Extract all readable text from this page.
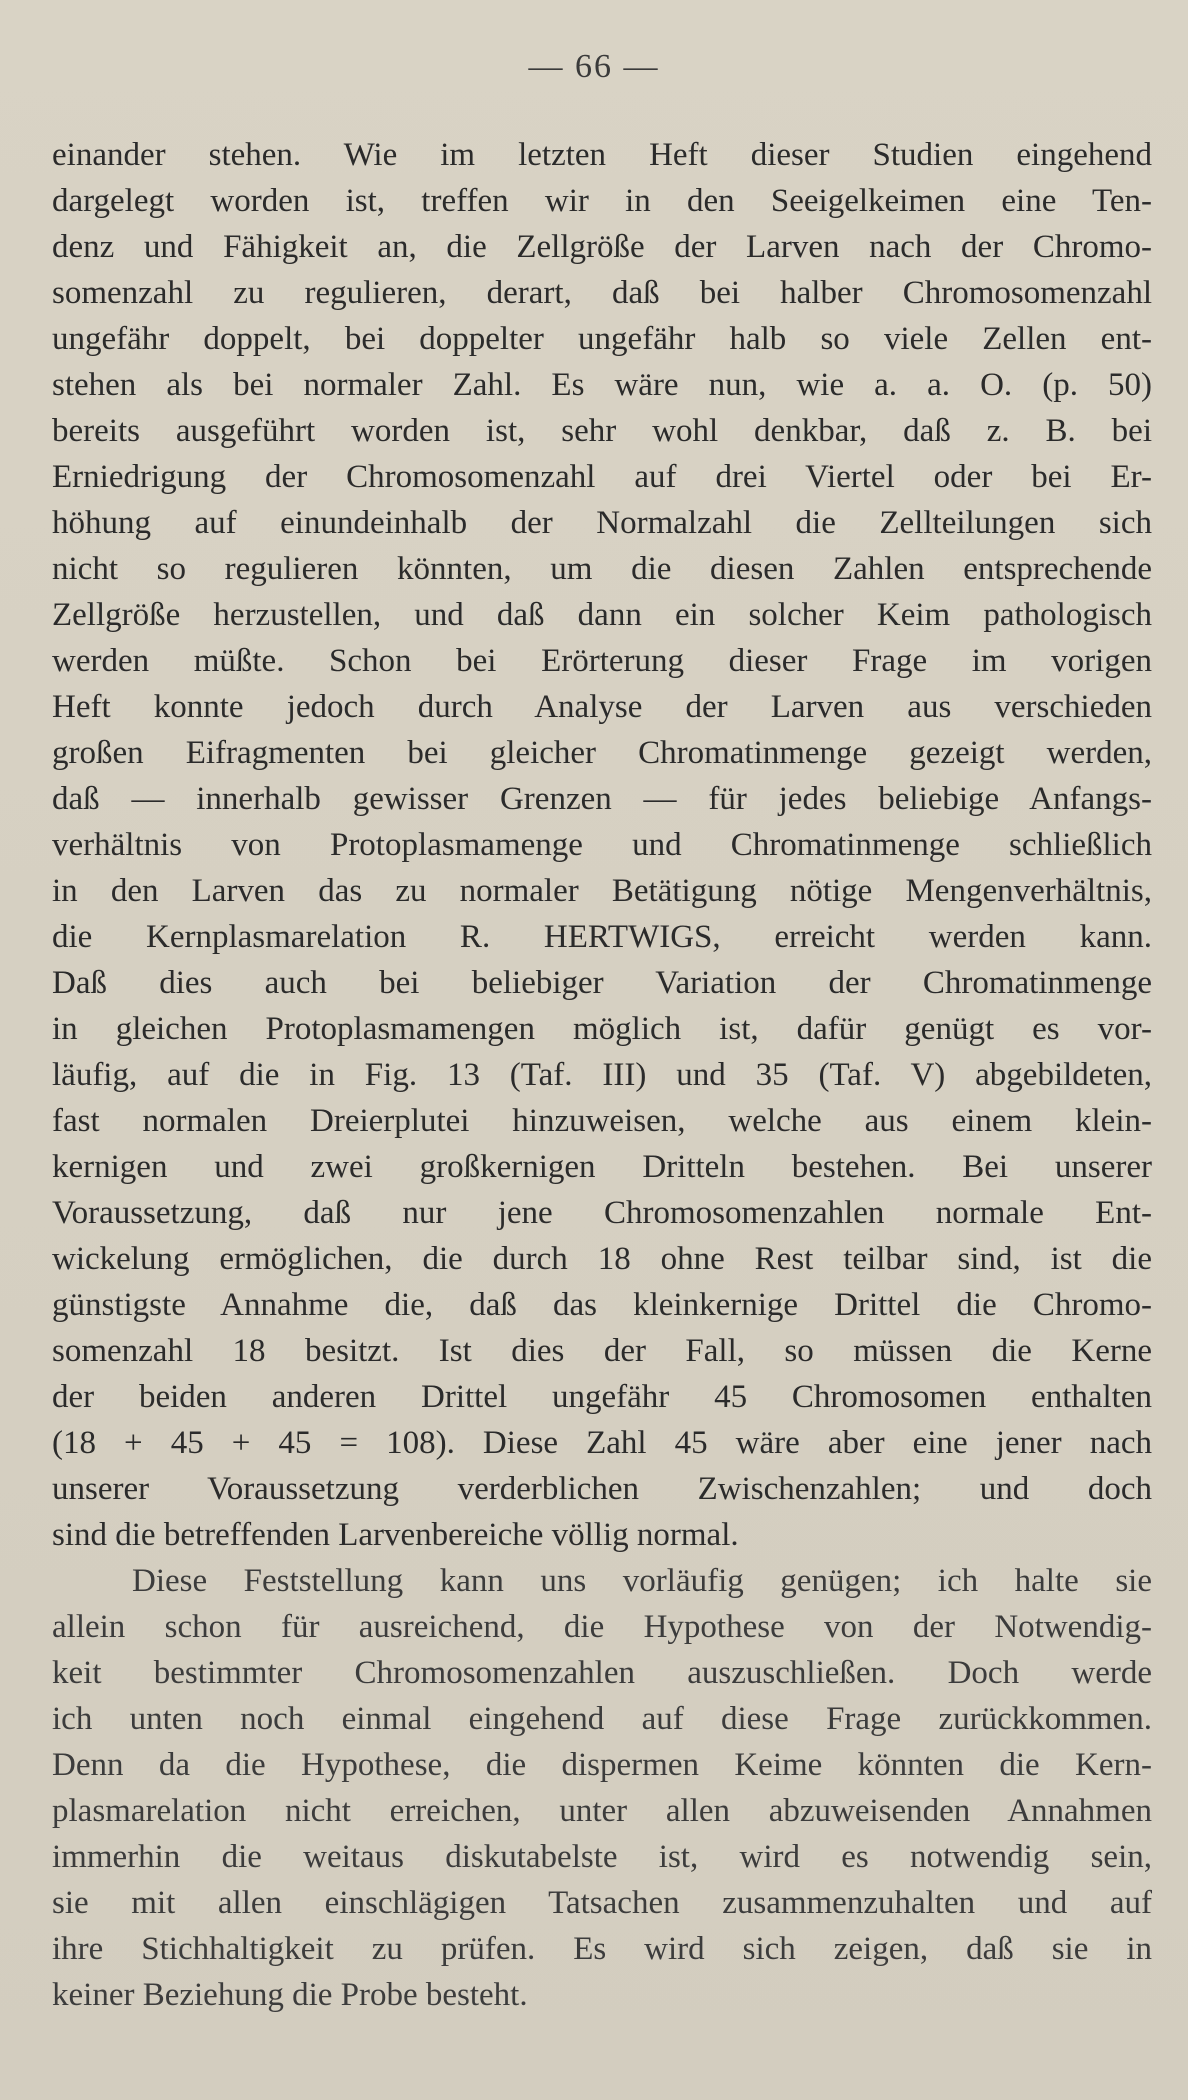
— 66 —
einander stehen. Wie im letzten Heft dieser Studien eingehend
dargelegt worden ist, treffen wir in den Seeigelkeimen eine Ten-
denz und Fähigkeit an, die Zellgröße der Larven nach der Chromo-
somenzahl zu regulieren, derart, daß bei halber Chromosomenzahl
ungefähr doppelt, bei doppelter ungefähr halb so viele Zellen ent-
stehen als bei normaler Zahl. Es wäre nun, wie a. a. O. (p. 50)
bereits ausgeführt worden ist, sehr wohl denkbar, daß z. B. bei
Erniedrigung der Chromosomenzahl auf drei Viertel oder bei Er-
höhung auf einundeinhalb der Normalzahl die Zellteilungen sich
nicht so regulieren könnten, um die diesen Zahlen entsprechende
Zellgröße herzustellen, und daß dann ein solcher Keim pathologisch
werden müßte. Schon bei Erörterung dieser Frage im vorigen
Heft konnte jedoch durch Analyse der Larven aus verschieden
großen Eifragmenten bei gleicher Chromatinmenge gezeigt werden,
daß — innerhalb gewisser Grenzen — für jedes beliebige Anfangs-
verhältnis von Protoplasmamenge und Chromatinmenge schließlich
in den Larven das zu normaler Betätigung nötige Mengenverhältnis,
die Kernplasmarelation R. HERTWIGS, erreicht werden kann.
Daß dies auch bei beliebiger Variation der Chromatinmenge
in gleichen Protoplasmamengen möglich ist, dafür genügt es vor-
läufig, auf die in Fig. 13 (Taf. III) und 35 (Taf. V) abgebildeten,
fast normalen Dreierplutei hinzuweisen, welche aus einem klein-
kernigen und zwei großkernigen Dritteln bestehen. Bei unserer
Voraussetzung, daß nur jene Chromosomenzahlen normale Ent-
wickelung ermöglichen, die durch 18 ohne Rest teilbar sind, ist die
günstigste Annahme die, daß das kleinkernige Drittel die Chromo-
somenzahl 18 besitzt. Ist dies der Fall, so müssen die Kerne
der beiden anderen Drittel ungefähr 45 Chromosomen enthalten
(18 + 45 + 45 = 108). Diese Zahl 45 wäre aber eine jener nach
unserer Voraussetzung verderblichen Zwischenzahlen; und doch
sind die betreffenden Larvenbereiche völlig normal.
Diese Feststellung kann uns vorläufig genügen; ich halte sie
allein schon für ausreichend, die Hypothese von der Notwendig-
keit bestimmter Chromosomenzahlen auszuschließen. Doch werde
ich unten noch einmal eingehend auf diese Frage zurückkommen.
Denn da die Hypothese, die dispermen Keime könnten die Kern-
plasmarelation nicht erreichen, unter allen abzuweisenden Annahmen
immerhin die weitaus diskutabelste ist, wird es notwendig sein,
sie mit allen einschlägigen Tatsachen zusammenzuhalten und auf
ihre Stichhaltigkeit zu prüfen. Es wird sich zeigen, daß sie in
keiner Beziehung die Probe besteht.
